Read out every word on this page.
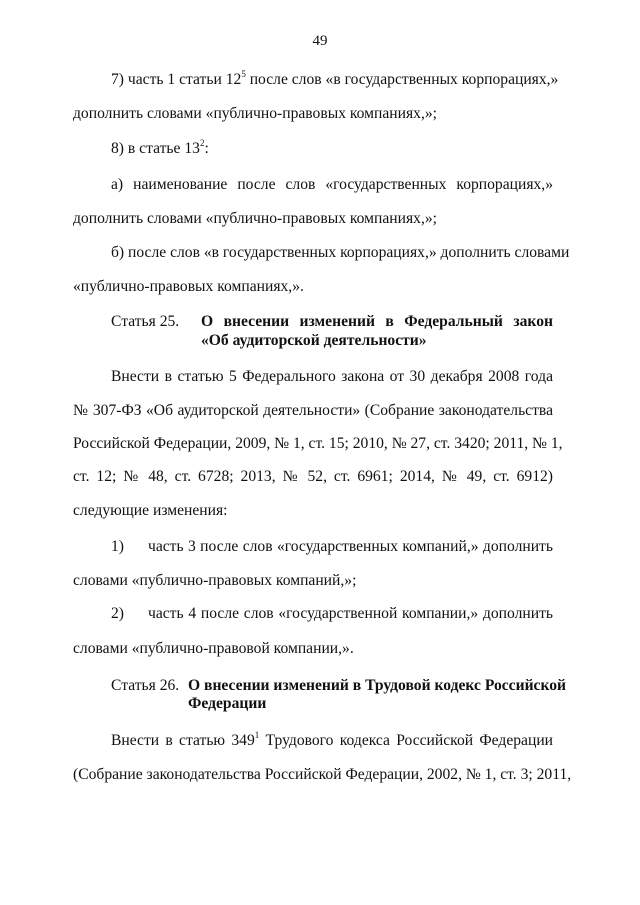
49
7) часть 1 статьи $12^5$ после слов «в государственных корпорациях,»
дополнить словами «публично-правовых компаниях,»;
8) в статье $13^2$:
а) наименование после слов «государственных корпорациях,»
дополнить словами «публично-правовых компаниях,»;
б) после слов «в государственных корпорациях,» дополнить словами
«публично-правовых компаниях,».
Статья 25. О внесении изменений в Федеральный закон
«Об аудиторской деятельности»
Внести в статью 5 Федерального закона от 30 декабря 2008 года
№ 307-ФЗ «Об аудиторской деятельности» (Собрание законодательства
Российской Федерации, 2009, № 1, ст. 15; 2010, № 27, ст. 3420; 2011, № 1,
ст. 12; № 48, ст. 6728; 2013, № 52, ст. 6961; 2014, № 49, ст. 6912)
следующие изменения:
1) часть 3 после слов «государственных компаний,» дополнить
словами «публично-правовых компаний,»;
2) часть 4 после слов «государственной компании,» дополнить
словами «публично-правовой компании,».
Статья 26. О внесении изменений в Трудовой кодекс Российской
Федерации
Внести в статью $349^1$ Трудового кодекса Российской Федерации
(Собрание законодательства Российской Федерации, 2002, № 1, ст. 3; 2011,
